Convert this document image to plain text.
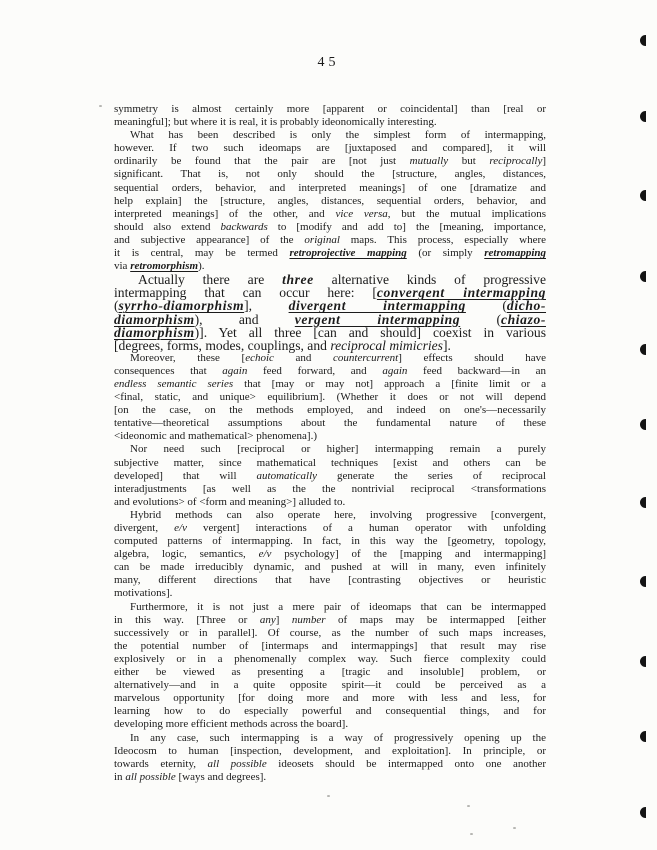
45
symmetry is almost certainly more [apparent or coincidental] than [real or
meaningful]; but where it is real, it is probably ideonomically interesting.
What has been described is only the simplest form of intermapping,
however. If two such ideomaps are [juxtaposed and compared], it will
ordinarily be found that the pair are [not just mutually but reciprocally]
significant. That is, not only should the [structure, angles, distances,
sequential orders, behavior, and interpreted meanings] of one [dramatize and
help explain] the [structure, angles, distances, sequential orders, behavior, and
interpreted meanings] of the other, and vice versa, but the mutual implications
should also extend backwards to [modify and add to] the [meaning, importance,
and subjective appearance] of the original maps. This process, especially where
it is central, may be termed retroprojective mapping (or simply retromapping
via retromorphism).
Actually there are three alternative kinds of progressive
intermapping that can occur here: [convergent intermapping
(syrrho-diamorphism], divergent intermapping (dicho-
diamorphism), and vergent intermapping (chiazo-
diamorphism)]. Yet all three [can and should] coexist in various
[degrees, forms, modes, couplings, and reciprocal mimicries].
Moreover, these [echoic and countercurrent] effects should have
consequences that again feed forward, and again feed backward—in an
endless semantic series that [may or may not] approach a [finite limit or a
<final, static, and unique> equilibrium]. (Whether it does or not will depend
[on the case, on the methods employed, and indeed on one's—necessarily
tentative—theoretical assumptions about the fundamental nature of these
<ideonomic and mathematical> phenomena].)
Nor need such [reciprocal or higher] intermapping remain a purely
subjective matter, since mathematical techniques [exist and others can be
developed] that will automatically generate the series of reciprocal
interadjustments [as well as the the nontrivial reciprocal <transformations
and evolutions> of <form and meaning>] alluded to.
Hybrid methods can also operate here, involving progressive [convergent,
divergent, e/v vergent] interactions of a human operator with unfolding
computed patterns of intermapping. In fact, in this way the [geometry, topology,
algebra, logic, semantics, e/v psychology] of the [mapping and intermapping]
can be made irreducibly dynamic, and pushed at will in many, even infinitely
many, different directions that have [contrasting objectives or heuristic
motivations].
Furthermore, it is not just a mere pair of ideomaps that can be intermapped
in this way. [Three or any] number of maps may be intermapped [either
successively or in parallel]. Of course, as the number of such maps increases,
the potential number of [intermaps and intermappings] that result may rise
explosively or in a phenomenally complex way. Such fierce complexity could
either be viewed as presenting a [tragic and insoluble] problem, or
alternatively—and in a quite opposite spirit—it could be perceived as a
marvelous opportunity [for doing more and more with less and less, for
learning how to do especially powerful and consequential things, and for
developing more efficient methods across the board].
In any case, such intermapping is a way of progressively opening up the
Ideocosm to human [inspection, development, and exploitation]. In principle, or
towards eternity, all possible ideosets should be intermapped onto one another
in all possible [ways and degrees].
